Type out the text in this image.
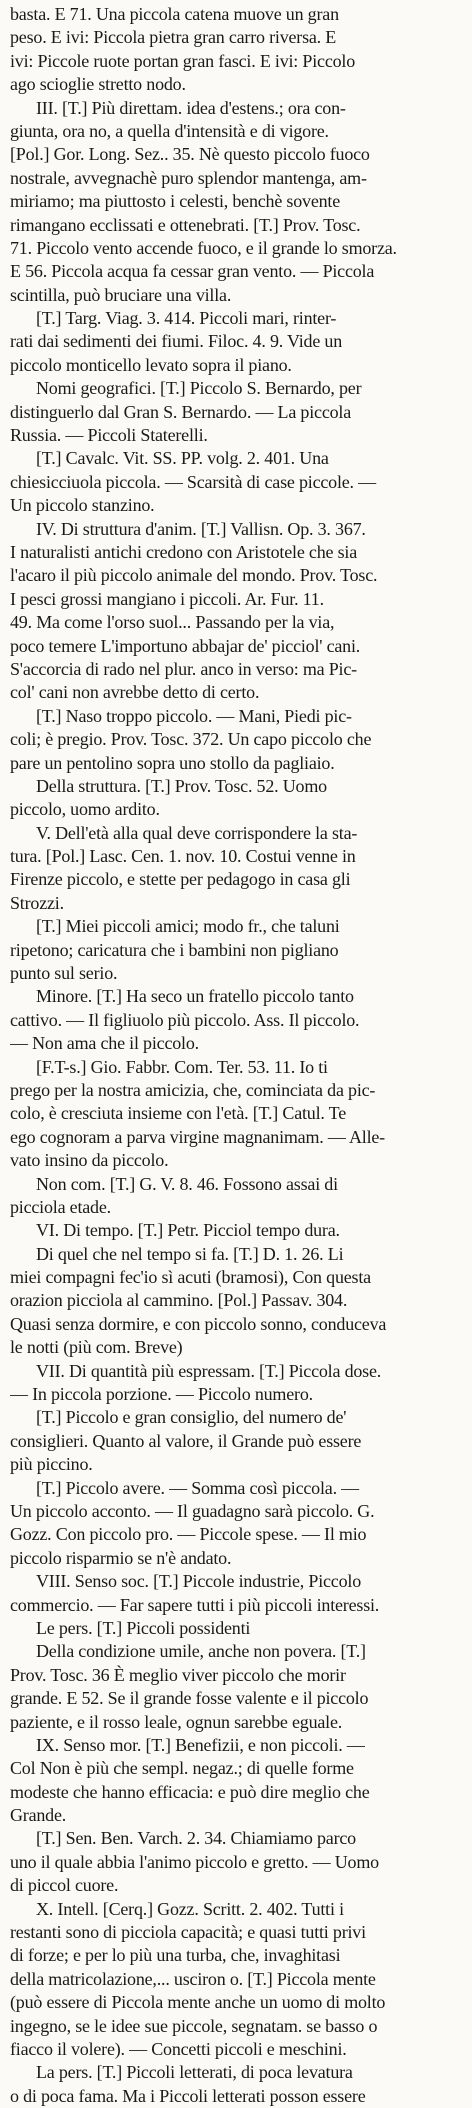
basta. E 71. Una piccola catena muove un gran
peso. E ivi: Piccola pietra gran carro riversa. E
ivi: Piccole ruote portan gran fasci. E ivi: Piccolo
ago scioglie stretto nodo.
III. [T.] Più direttam. idea d'estens.; ora con-
giunta, ora no, a quella d'intensità e di vigore.
[Pol.] Gor. Long. Sez.. 35. Nè questo piccolo fuoco
nostrale, avvegnachè puro splendor mantenga, am-
miriamo; ma piuttosto i celesti, benchè sovente
rimangano ecclissati e ottenebrati. [T.] Prov. Tosc.
71. Piccolo vento accende fuoco, e il grande lo smorza.
E 56. Piccola acqua fa cessar gran vento. — Piccola
scintilla, può bruciare una villa.
[T.] Targ. Viag. 3. 414. Piccoli mari, rinter-
rati dai sedimenti dei fiumi. Filoc. 4. 9. Vide un
piccolo monticello levato sopra il piano.
Nomi geografici. [T.] Piccolo S. Bernardo, per
distinguerlo dal Gran S. Bernardo. — La piccola
Russia. — Piccoli Staterelli.
[T.] Cavalc. Vit. SS. PP. volg. 2. 401. Una
chiesicciuola piccola. — Scarsità di case piccole. —
Un piccolo stanzino.
IV. Di struttura d'anim. [T.] Vallisn. Op. 3. 367.
I naturalisti antichi credono con Aristotele che sia
l'acaro il più piccolo animale del mondo. Prov. Tosc.
I pesci grossi mangiano i piccoli. Ar. Fur. 11.
49. Ma come l'orso suol... Passando per la via,
poco temere L'importuno abbajar de' picciol' cani.
S'accorcia di rado nel plur. anco in verso: ma Pic-
col' cani non avrebbe detto di certo.
[T.] Naso troppo piccolo. — Mani, Piedi pic-
coli; è pregio. Prov. Tosc. 372. Un capo piccolo che
pare un pentolino sopra uno stollo da pagliaio.
Della struttura. [T.] Prov. Tosc. 52. Uomo
piccolo, uomo ardito.
V. Dell'età alla qual deve corrispondere la sta-
tura. [Pol.] Lasc. Cen. 1. nov. 10. Costui venne in
Firenze piccolo, e stette per pedagogo in casa gli
Strozzi.
[T.] Miei piccoli amici; modo fr., che taluni
ripetono; caricatura che i bambini non pigliano
punto sul serio.
Minore. [T.] Ha seco un fratello piccolo tanto
cattivo. — Il figliuolo più piccolo. Ass. Il piccolo.
— Non ama che il piccolo.
[F.T-s.] Gio. Fabbr. Com. Ter. 53. 11. Io ti
prego per la nostra amicizia, che, cominciata da pic-
colo, è cresciuta insieme con l'età. [T.] Catul. Te
ego cognoram a parva virgine magnanimam. — Alle-
vato insino da piccolo.
Non com. [T.] G. V. 8. 46. Fossono assai di
picciola etade.
VI. Di tempo. [T.] Petr. Picciol tempo dura.
Di quel che nel tempo si fa. [T.] D. 1. 26. Li
miei compagni fec'io sì acuti (bramosi), Con questa
orazion picciola al cammino. [Pol.] Passav. 304.
Quasi senza dormire, e con piccolo sonno, conduceva
le notti (più com. Breve)
VII. Di quantità più espressam. [T.] Piccola dose.
— In piccola porzione. — Piccolo numero.
[T.] Piccolo e gran consiglio, del numero de'
consiglieri. Quanto al valore, il Grande può essere
più piccino.
[T.] Piccolo avere. — Somma così piccola. —
Un piccolo acconto. — Il guadagno sarà piccolo. G.
Gozz. Con piccolo pro. — Piccole spese. — Il mio
piccolo risparmio se n'è andato.
VIII. Senso soc. [T.] Piccole industrie, Piccolo
commercio. — Far sapere tutti i più piccoli interessi.
Le pers. [T.] Piccoli possidenti
Della condizione umile, anche non povera. [T.]
Prov. Tosc. 36 È meglio viver piccolo che morir
grande. E 52. Se il grande fosse valente e il piccolo
paziente, e il rosso leale, ognun sarebbe eguale.
IX. Senso mor. [T.] Benefizii, e non piccoli. —
Col Non è più che sempl. negaz.; di quelle forme
modeste che hanno efficacia: e può dire meglio che
Grande.
[T.] Sen. Ben. Varch. 2. 34. Chiamiamo parco
uno il quale abbia l'animo piccolo e gretto. — Uomo
di piccol cuore.
X. Intell. [Cerq.] Gozz. Scritt. 2. 402. Tutti i
restanti sono di picciola capacità; e quasi tutti privi
di forze; e per lo più una turba, che, invaghitasi
della matricolazione,... usciron o. [T.] Piccola mente
(può essere di Piccola mente anche un uomo di molto
ingegno, se le idee sue piccole, segnatam. se basso o
fiacco il volere). — Concetti piccoli e meschini.
La pers. [T.] Piccoli letterati, di poca levatura
o di poca fama. Ma i Piccoli letterati posson essere
